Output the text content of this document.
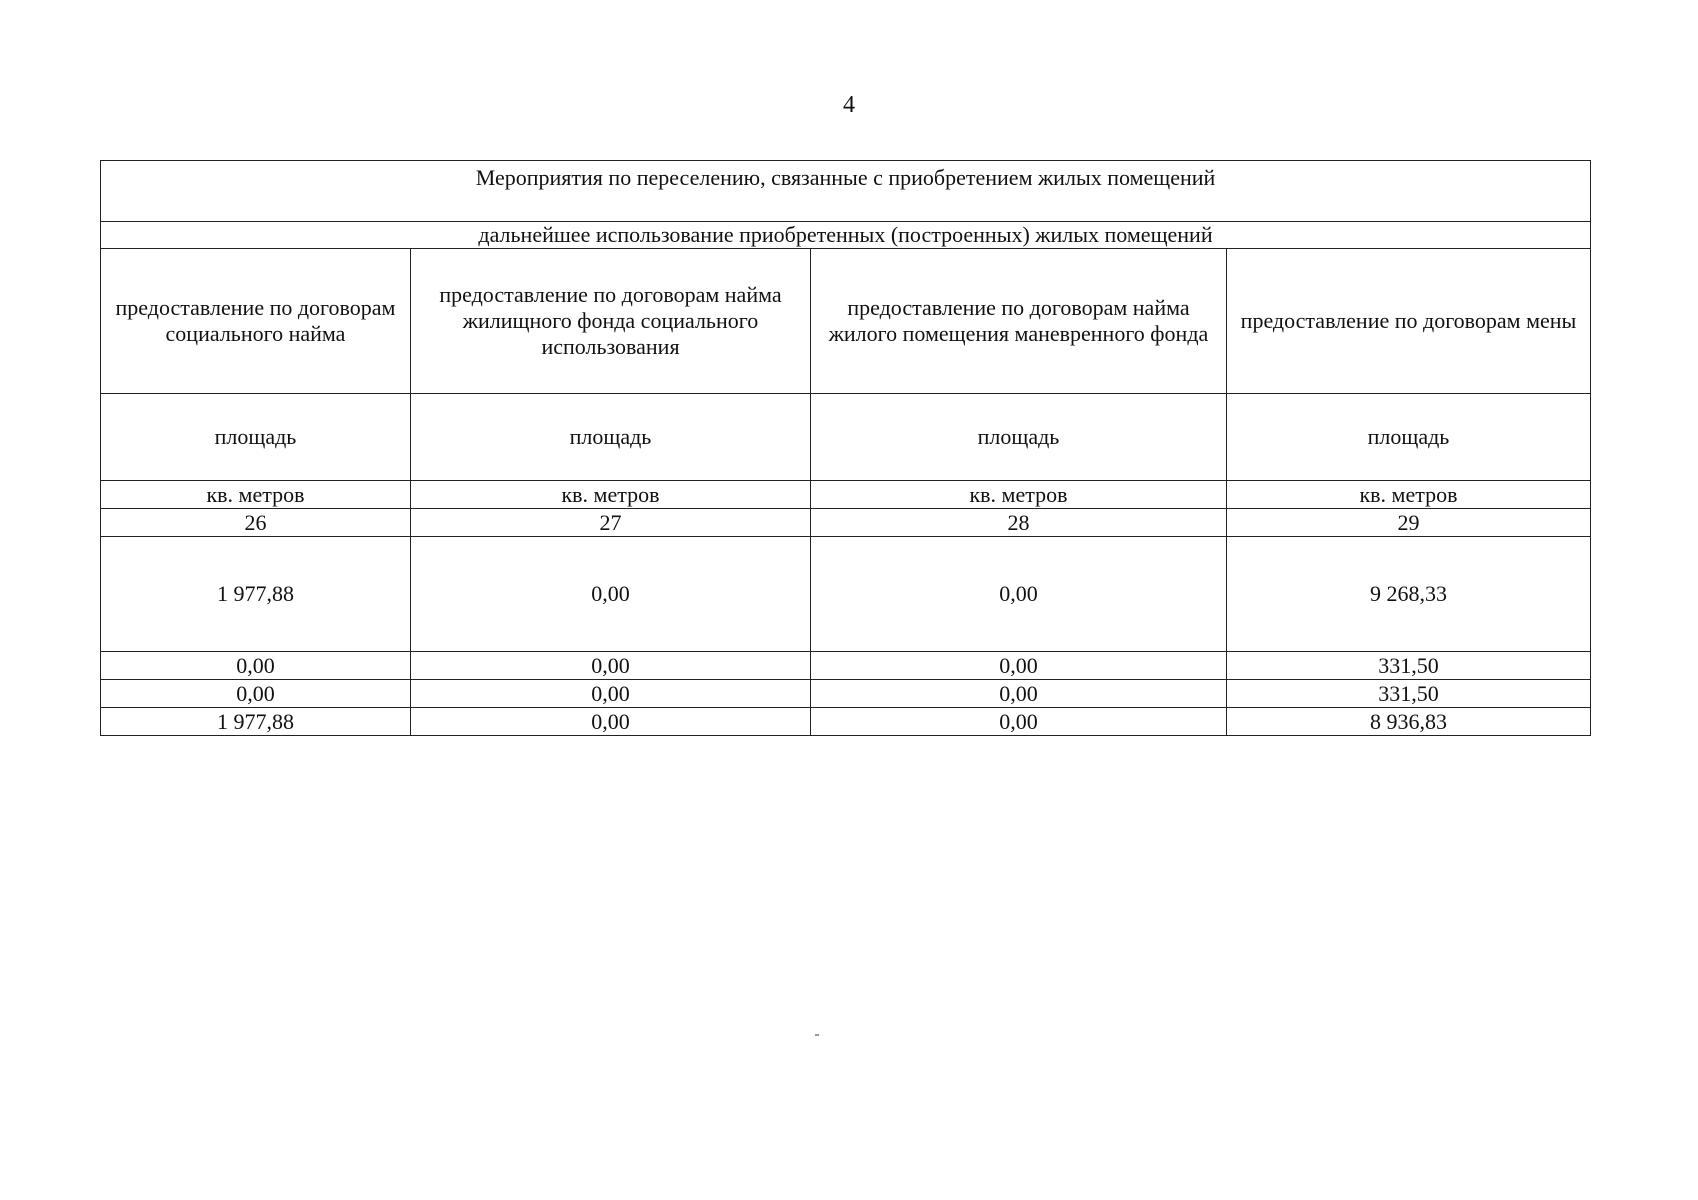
4
Мероприятия по переселению, связанные с приобретением жилых помещений			
дальнейшее использование приобретенных (построенных) жилых помещений			
предоставление по договорам социального найма	предоставление по договорам найма жилищного фонда социального использования	предоставление по договорам найма жилого помещения маневренного фонда	предоставление по договорам мены
площадь	площадь	площадь	площадь
кв. метров	кв. метров	кв. метров	кв. метров
26	27	28	29
1 977,88	0,00	0,00	9 268,33
0,00	0,00	0,00	331,50
0,00	0,00	0,00	331,50
1 977,88	0,00	0,00	8 936,83
